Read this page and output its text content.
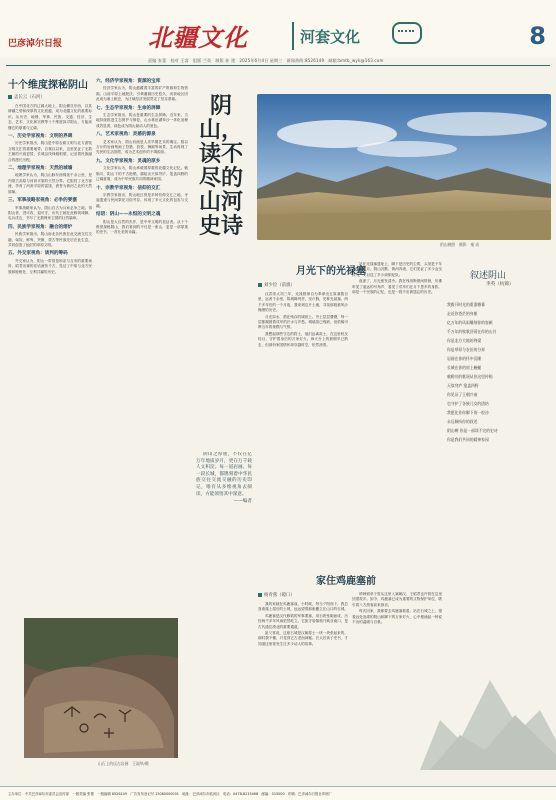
巴彦淖尔日报	北疆文化	河套文化	8
责编 张蕾　校对 王睿　组版 兰英　制版 孙 建　2025年6月4日 星期三　新闻热线:8526149　邮箱:bmtb_wyk@163.com
十个维度探秘阴山
孟长云（石河）

在中国北方的辽阔大地上，阴山横亘东西，以其磅礴之势和深厚的文化底蕴，成为北疆文化的重要标识。从历史、地理、军事、民族、交通、经济、生态、艺术、文化和宗教等十个维度探寻阴山，方能读懂它的厚重与辽阔。

一、历史学家视角：文明的界碑

历史学家指出，阴山是中原农耕文明与北方游牧文明交汇的重要地带。自秦汉以来，这里见证了无数王朝的兴衰更替，长城沿线烽燧相望，记录着民族融合的漫长历程。

二、地理学家视角：天然的城墙

地理学家认为，阴山山脉东西绵延千余公里，是内蒙古高原与河套平原的天然分界。它阻挡了北方寒流，孕育了河套平原的富饶，被誉为黄河之北的天然屏障。

三、军事战略家视角：必争的要塞

军事战略家认为，阴山自古为兵家必争之地。得阴山者，进可攻、退可守，历代王朝在此修筑城障，屯兵戍边，书写了无数保家卫国的壮烈篇章。

四、民族学家视角：融合的熔炉

民族学家指出，阴山南北各民族在此交流交往交融，匈奴、鲜卑、突厥、蒙古等民族先后在此生息，共同创造了灿烂的草原文明。

五、外交家视角：谈判的筹码

外交家认为，阴山一带曾是和亲与互市的重要场所，昭君出塞的佳话流传千古，见证了中原与北方民族和睦相处、互利共赢的历史。

六、经济学家视角：资源的宝库

经济学家认为，阴山蕴藏着丰富的矿产资源和生物资源。山前平原土地肥沃，引黄灌溉历史悠久，河套地区因此成为塞上粮仓，为区域经济发展奠定了坚实基础。

七、生态学家视角：生命的屏障

生态学家指出，阴山是重要的生态屏障。近年来，当地持续推进生态保护与修复，山水林田湖草沙一体化治理成效显著，绿色成为阴山最动人的底色。

八、艺术家视角：灵感的源泉

艺术家认为，阴山岩画是人类早期艺术的瑰宝。数以万计的岩画刻画了狩猎、放牧、舞蹈等场景，生动再现了先民的生活图景，成为艺术创作的不竭源泉。

九、文化学家视角：灵魂的原乡

文化学家认为，阴山承载着厚重的北疆文化记忆。敕勒川，阴山下的千古绝唱，描绘出天似穹庐、笼盖四野的辽阔意境，成为中华民族共同的精神家园。

十、宗教学家视角：信仰的交汇

宗教学家指出，阴山地区曾是多种信仰交汇之地，寺庙遗迹与民间祭祀习俗并存，体现了多元文化的包容与交融。

结语：阴山——永恒的文明之魂

阴山是大自然的杰作，是中华文明的见证者。从十个维度探秘阴山，我们看到的不仅是一座山，更是一部厚重的史书、一首壮美的诗篇。

阴山，读不尽的山河史诗

阴山之厚重，不仅在亿万年地质岁月，更在万千载人文积淀。每一道岩画、每一段长城，都镌刻着中华民族交往交流交融的历史印记，唯有从多维视角去阅读，方能领悟其中深意。

——编者
阴山晚照　摄影　秦 成
月光下的光禄塞
刘少俭（前旗）

汉武帝太初三年，光禄勋徐自为奉命出五原塞数百里，远者千余里，筑城障列亭，至卢朐，史称光禄塞。两千多年后的一个月夜，我来到这片土地，寻找那段被风沙掩埋的历史。

月光如水，洒在残存的城垣上。夯土层层叠叠，每一层都凝固着戍卒的汗水与乡愁。城墙虽已残缺，但依稀可辨当年的规模与气势。

我想起那些守边的将士，他们远离故土，在这里枕戈待旦，守护着身后的万家灯火。烽火台上的狼烟早已散去，但那份家国情怀却穿越时空，依然滚烫。

站在光禄塞遗址上，脚下是历史的尘埃，头顶是千年不变的明月。阴山沉默，黄河奔流，它们见证了多少金戈铁马，又目送了多少商旅驼队。

夜深了，月光愈发清冷。我在残垣断壁间徘徊，仿佛听见了遥远的号角声，看见了戍卒们在月下思乡的身影。那是一个民族的记忆，也是一段不应被遗忘的历史。

家住鸡鹿塞前
杨青燕（磴口）

我的家就在鸡鹿塞前。小时候，每当夕阳西下，我总喜欢爬上屋后的土坡，远远望着那座矗立在山口的石城。

鸡鹿塞是汉代修筑的军事要塞，用石块垒砌而成，历经两千多年风雨依然屹立。它扼守哈隆格乃峡谷南口，是古代通往漠北的重要通道。

祖父常说，这座石城是汉朝将士一块一块垒起来的。那时我不懂，只觉得它古老而神秘。长大后读了史书，才知道这里曾发生过多少动人的故事。

呼韩邪单于曾从这里入塞朝汉，王昭君也许曾在这里回望故乡。如今，鸡鹿塞已成为重要的文物保护单位，吸引着八方游客前来探访。

每次回家，我都要去鸡鹿塞看看。站在石城之上，望着远处连绵的阴山和脚下的万家灯火，心中便涌起一种说不出的温暖与自豪。

叙述阴山
李英（杭锦）
我拨开时光的重重帷幕
走近你苍茫的身躯
亿万年的风雨雕刻你的容颜
千万年的牧歌回荡在你的山谷
你是北方大地的脊梁
你是草原与农田的分界
岩画在你的怀中沉睡
长城在你的肩上蜿蜒
敕勒川的歌谣从你这里传唱
天似穹庐 笼盖四野
你见证了王朝兴衰
也守护了各族儿女的团结
我愿化作你脚下的一粒沙
永远倾听你的叙述
阴山啊 你是一部读不完的史诗
你是我们共同的精神家园
山石上的远古岩画　王淑华/摄
主办单位：中共巴彦淖尔市委员会宣传部　一版责编 张蕾　一版编辑 8526149　广告发布登记号 15080000001　地址：巴彦淖尔市临河区　电话：0478-8215468　邮编：015000　印刷：巴彦淖尔日报社印刷厂
